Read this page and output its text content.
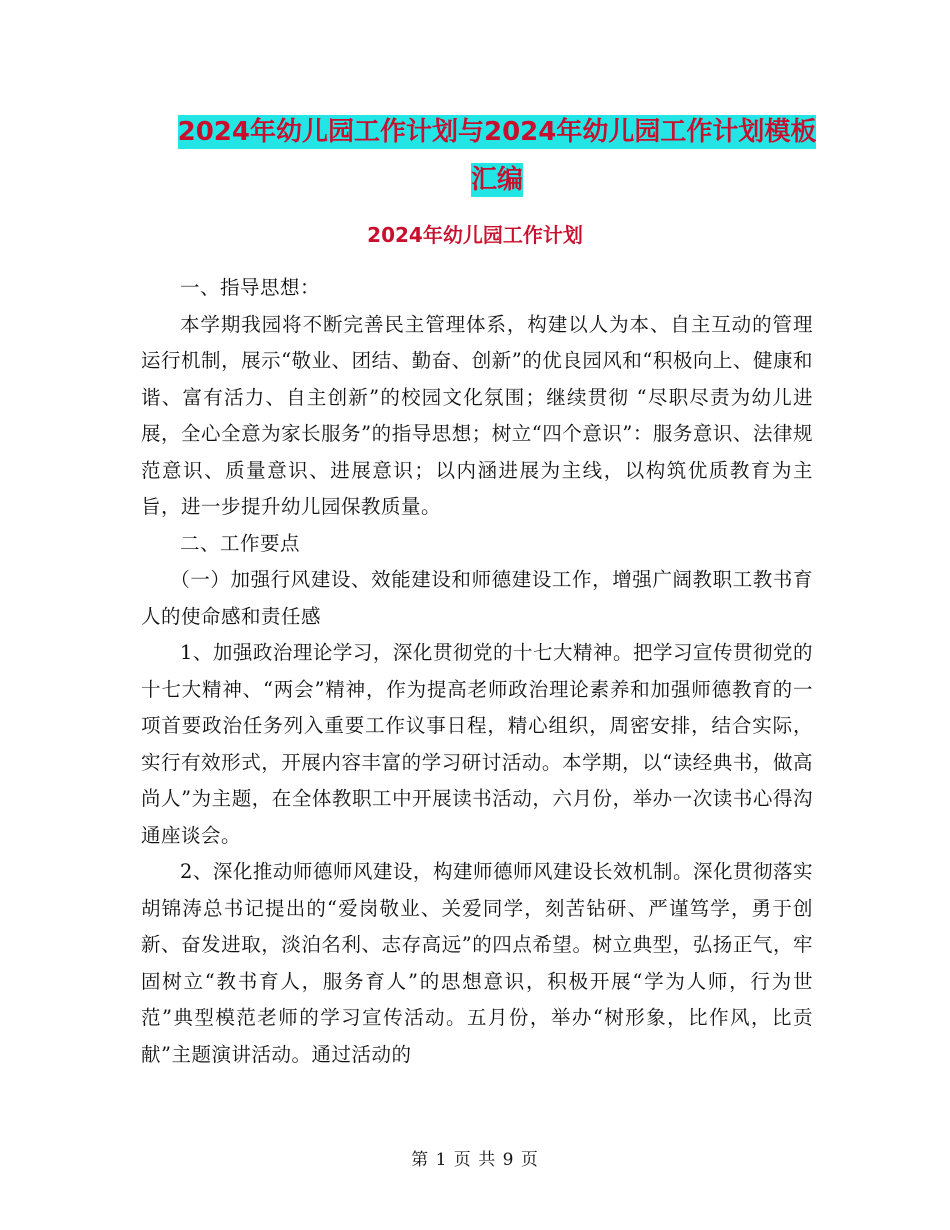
2024年幼儿园工作计划与2024年幼儿园工作计划模板
汇编
2024年幼儿园工作计划

一、指导思想：

本学期我园将不断完善民主管理体系，构建以人为本、自主互动的管理运行机制，展示“敬业、团结、勤奋、创新”的优良园风和“积极向上、健康和谐、富有活力、自主创新”的校园文化氛围；继续贯彻 “尽职尽责为幼儿进展，全心全意为家长服务”的指导思想；树立“四个意识”：服务意识、法律规范意识、质量意识、进展意识；以内涵进展为主线，以构筑优质教育为主旨，进一步提升幼儿园保教质量。

二、工作要点

（一）加强行风建设、效能建设和师德建设工作，增强广阔教职工教书育人的使命感和责任感

1、加强政治理论学习，深化贯彻党的十七大精神。把学习宣传贯彻党的十七大精神、“两会”精神，作为提高老师政治理论素养和加强师德教育的一项首要政治任务列入重要工作议事日程，精心组织，周密安排，结合实际，实行有效形式，开展内容丰富的学习研讨活动。本学期，以“读经典书，做高尚人”为主题，在全体教职工中开展读书活动，六月份，举办一次读书心得沟通座谈会。

2、深化推动师德师风建设，构建师德师风建设长效机制。深化贯彻落实胡锦涛总书记提出的“爱岗敬业、关爱同学，刻苦钻研、严谨笃学，勇于创新、奋发进取，淡泊名利、志存高远”的四点希望。树立典型，弘扬正气，牢固树立“教书育人，服务育人”的思想意识，积极开展“学为人师，行为世范”典型模范老师的学习宣传活动。五月份，举办“树形象，比作风，比贡献”主题演讲活动。通过活动的

第 1 页 共 9 页
